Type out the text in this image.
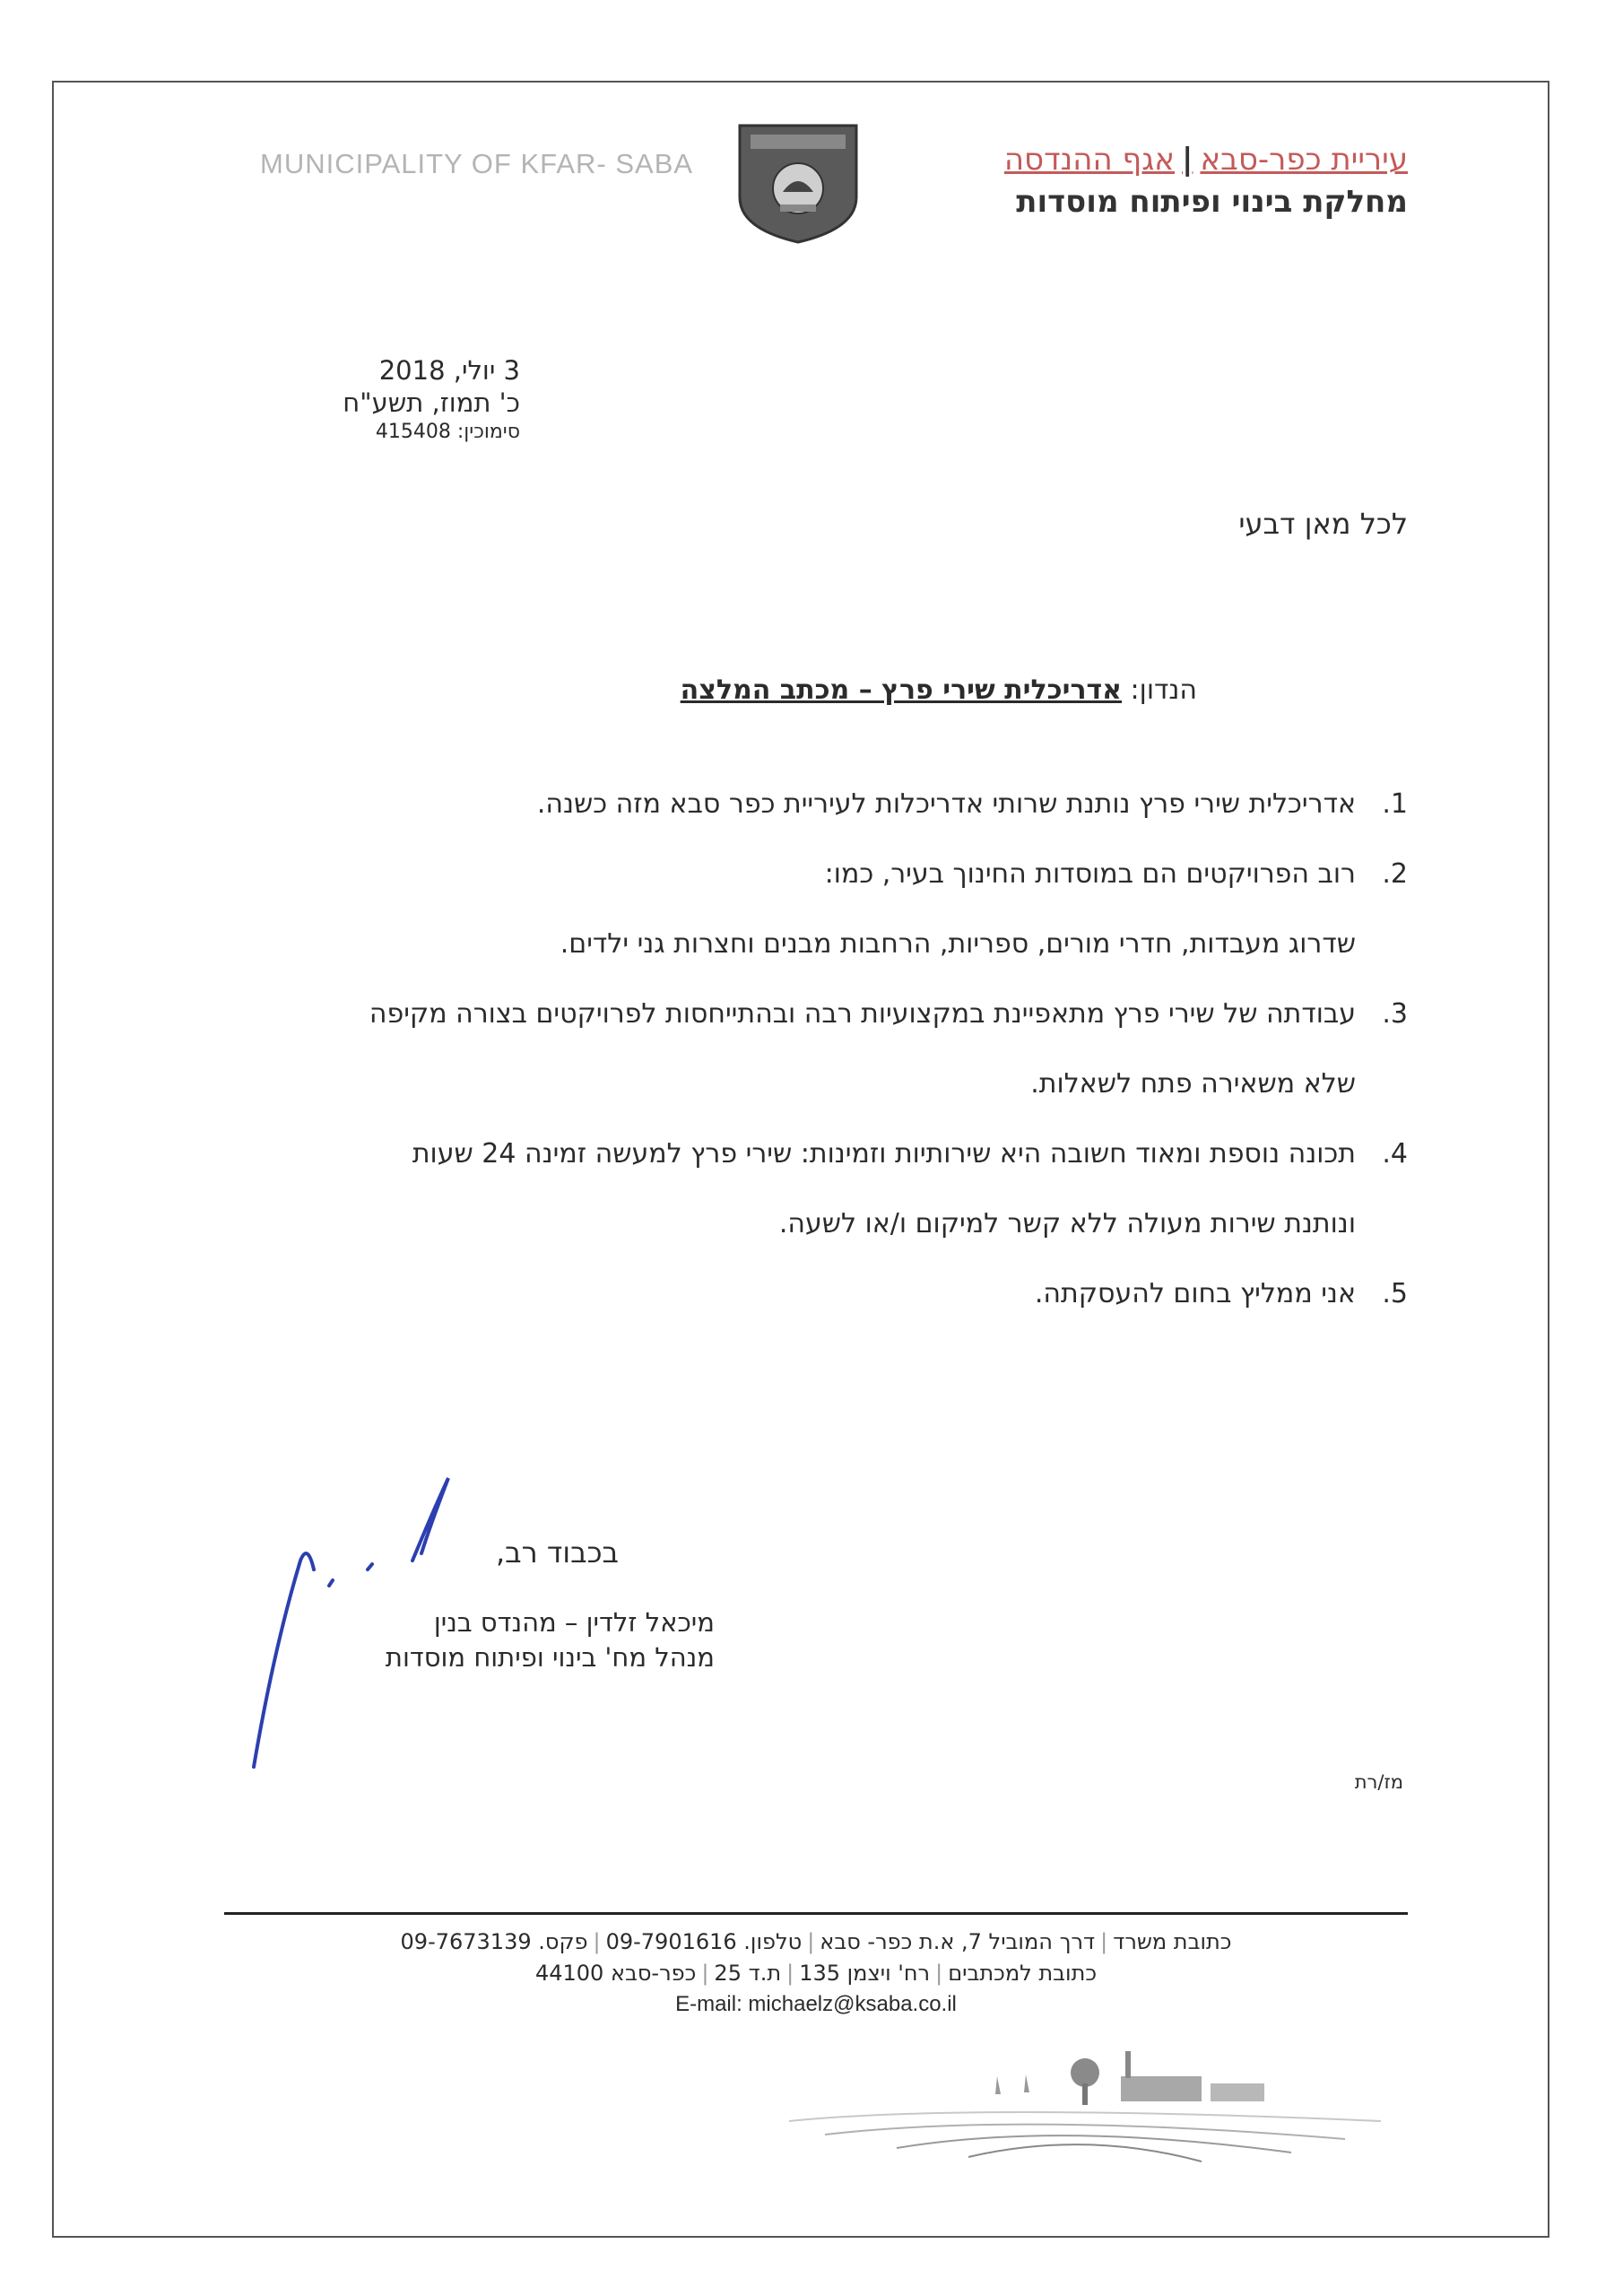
MUNICIPALITY OF KFAR- SABA	עיריית כפר-סבא|אגף ההנדסה
מחלקת בינוי ופיתוח מוסדות
3 יולי, 2018
כ' תמוז, תשע"ח
סימוכין: 415408
לכל מאן דבעי
הנדון: אדריכלית שירי פרץ – מכתב המלצה
1.
אדריכלית שירי פרץ נותנת שרותי אדריכלות לעיריית כפר סבא מזה כשנה.
2.
רוב הפרויקטים הם במוסדות החינוך בעיר, כמו:
שדרוג מעבדות, חדרי מורים, ספריות, הרחבות מבנים וחצרות גני ילדים.
3.
עבודתה של שירי פרץ מתאפיינת במקצועיות רבה ובהתייחסות לפרויקטים בצורה מקיפה
שלא משאירה פתח לשאלות.
4.
תכונה נוספת ומאוד חשובה היא שירותיות וזמינות: שירי פרץ למעשה זמינה 24 שעות
ונותנת שירות מעולה ללא קשר למיקום ו/או לשעה.
5.
אני ממליץ בחום להעסקתה.
בכבוד רב,
מיכאל זלדין – מהנדס בנין
מנהל מח' בינוי ופיתוח מוסדות
מז/רת
כתובת משרד|דרך המוביל 7, א.ת כפר- סבא|טלפון. 09-7901616|פקס. 09-7673139
כתובת למכתבים|רח' ויצמן 135|ת.ד 25|כפר-סבא 44100
E-mail: michaelz@ksaba.co.il
